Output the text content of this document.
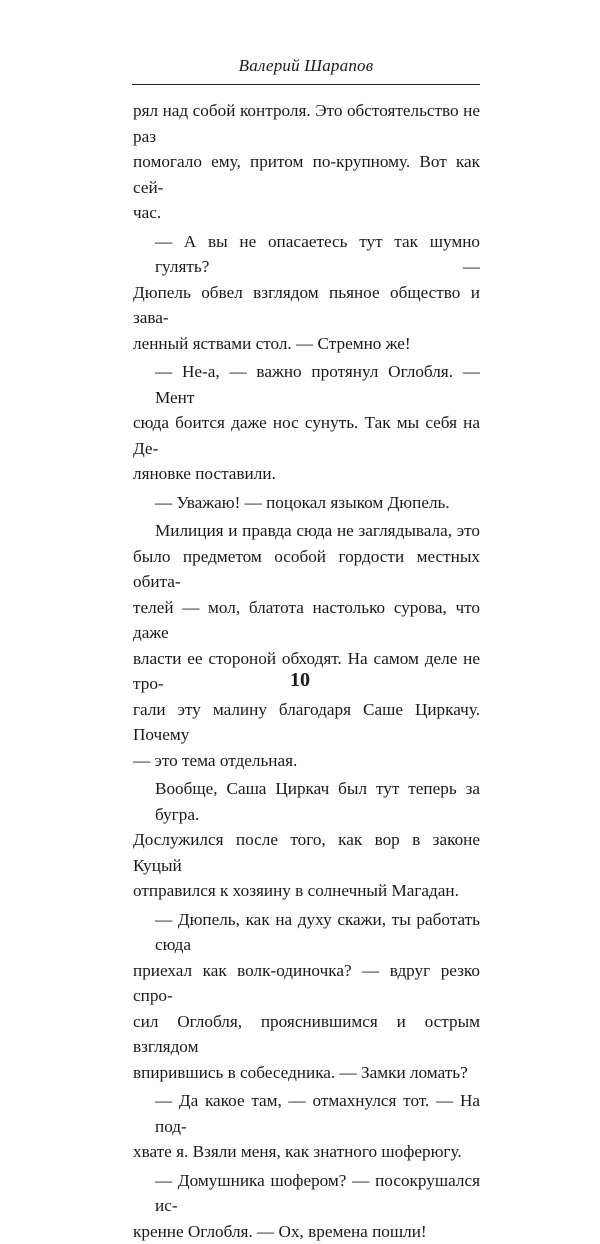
Валерий Шарапов
рял над собой контроля. Это обстоятельство не раз
помогало ему, притом по-крупному. Вот как сей-
час.
— А вы не опасаетесь тут так шумно гулять? —
Дюпель обвел взглядом пьяное общество и зава-
ленный яствами стол. — Стремно же!
— Не-а, — важно протянул Оглобля. — Мент
сюда боится даже нос сунуть. Так мы себя на Де-
ляновке поставили.
— Уважаю! — поцокал языком Дюпель.
Милиция и правда сюда не заглядывала, это
было предметом особой гордости местных обита-
телей — мол, блатота настолько сурова, что даже
власти ее стороной обходят. На самом деле не тро-
гали эту малину благодаря Саше Циркачу. Почему
— это тема отдельная.
Вообще, Саша Циркач был тут теперь за бугра.
Дослужился после того, как вор в законе Куцый
отправился к хозяину в солнечный Магадан.
— Дюпель, как на духу скажи, ты работать сюда
приехал как волк-одиночка? — вдруг резко спро-
сил Оглобля, прояснившимся и острым взглядом
впирившись в собеседника. — Замки ломать?
— Да какое там, — отмахнулся тот. — На под-
хвате я. Взяли меня, как знатного шоферюгу.
— Домушника шофером? — посокрушался ис-
кренне Оглобля. — Ох, времена пошли!
10
